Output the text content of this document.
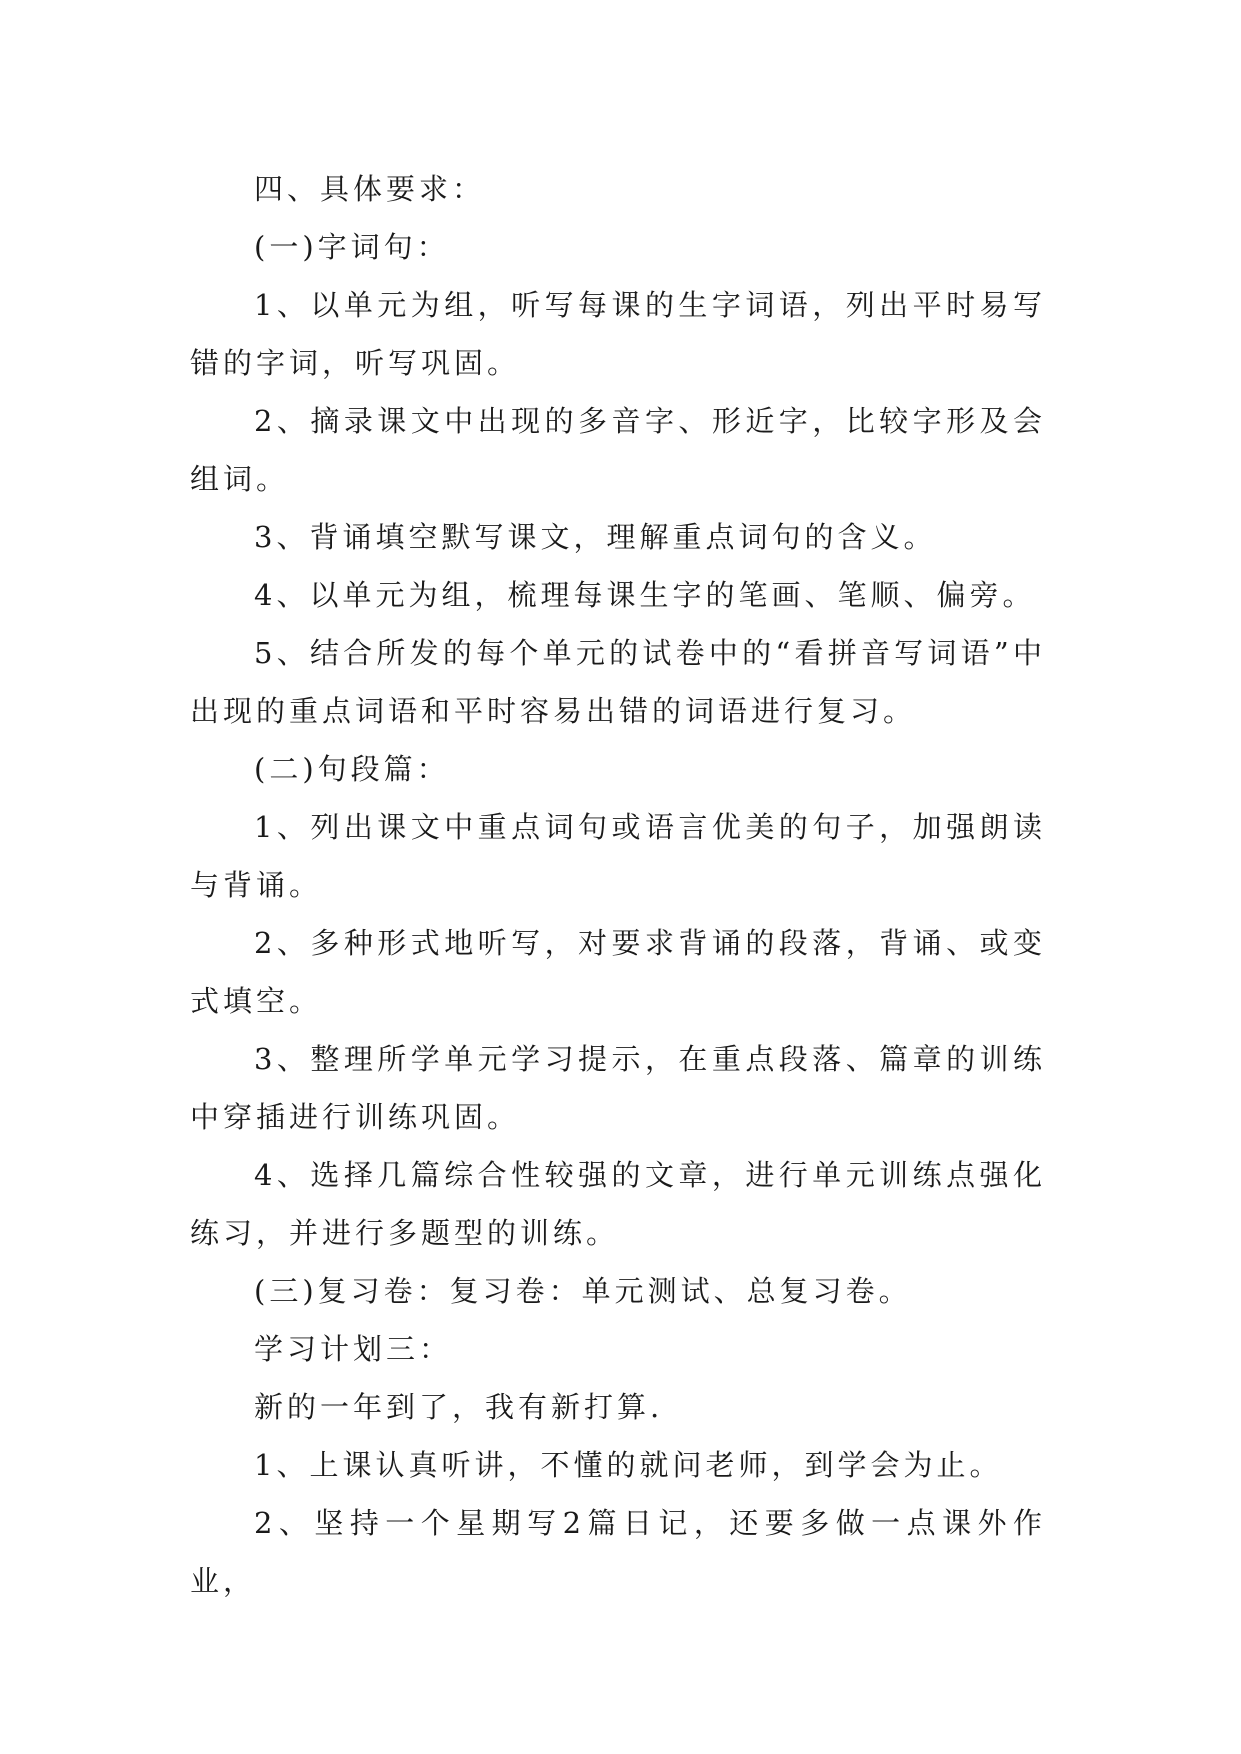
四、具体要求：

(一)字词句：

1、以单元为组，听写每课的生字词语，列出平时易写错的字词，听写巩固。

2、摘录课文中出现的多音字、形近字，比较字形及会组词。

3、背诵填空默写课文，理解重点词句的含义。

4、以单元为组，梳理每课生字的笔画、笔顺、偏旁。

5、结合所发的每个单元的试卷中的“看拼音写词语”中出现的重点词语和平时容易出错的词语进行复习。

(二)句段篇：

1、列出课文中重点词句或语言优美的句子，加强朗读与背诵。

2、多种形式地听写，对要求背诵的段落，背诵、或变式填空。

3、整理所学单元学习提示，在重点段落、篇章的训练中穿插进行训练巩固。

4、选择几篇综合性较强的文章，进行单元训练点强化练习，并进行多题型的训练。

(三)复习卷：复习卷：单元测试、总复习卷。

学习计划三：

新的一年到了，我有新打算.

1、上课认真听讲，不懂的就问老师，到学会为止。

2、坚持一个星期写2篇日记，还要多做一点课外作业，
